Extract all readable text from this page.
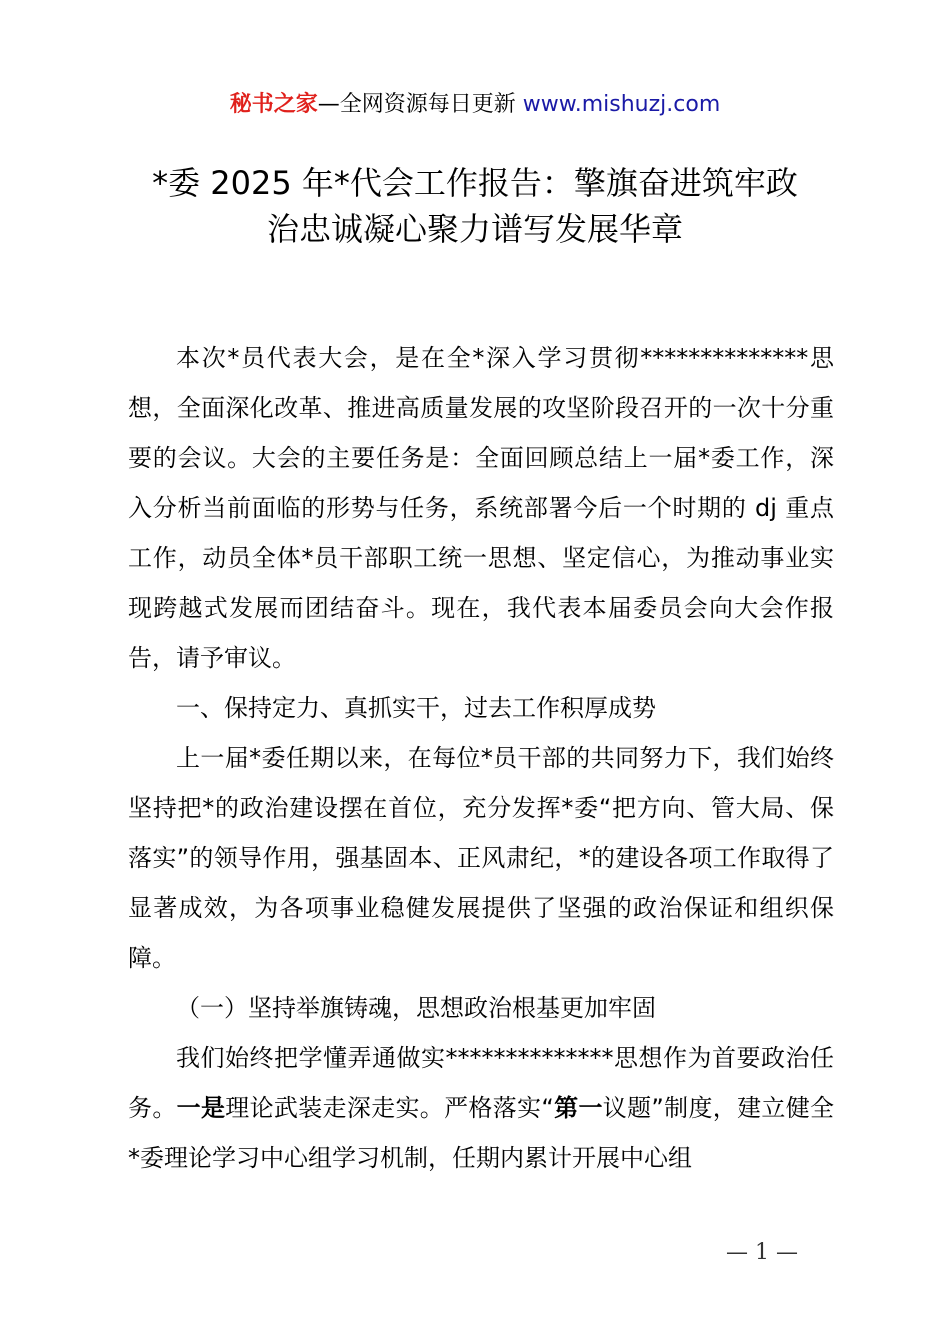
秘书之家—全网资源每日更新 www.mishuzj.com
*委 2025 年*代会工作报告：擎旗奋进筑牢政
治忠诚凝心聚力谱写发展华章

本次*员代表大会，是在全*深入学习贯彻**************思想，全面深化改革、推进高质量发展的攻坚阶段召开的一次十分重要的会议。大会的主要任务是：全面回顾总结上一届*委工作，深入分析当前面临的形势与任务，系统部署今后一个时期的 dj 重点工作，动员全体*员干部职工统一思想、坚定信心，为推动事业实现跨越式发展而团结奋斗。现在，我代表本届委员会向大会作报告，请予审议。

一、保持定力、真抓实干，过去工作积厚成势

上一届*委任期以来，在每位*员干部的共同努力下，我们始终坚持把*的政治建设摆在首位，充分发挥*委“把方向、管大局、保落实”的领导作用，强基固本、正风肃纪，*的建设各项工作取得了显著成效，为各项事业稳健发展提供了坚强的政治保证和组织保障。

（一）坚持举旗铸魂，思想政治根基更加牢固

我们始终把学懂弄通做实**************思想作为首要政治任务。一是理论武装走深走实。严格落实“第一议题”制度，建立健全*委理论学习中心组学习机制，任期内累计开展中心组

— 1 —
